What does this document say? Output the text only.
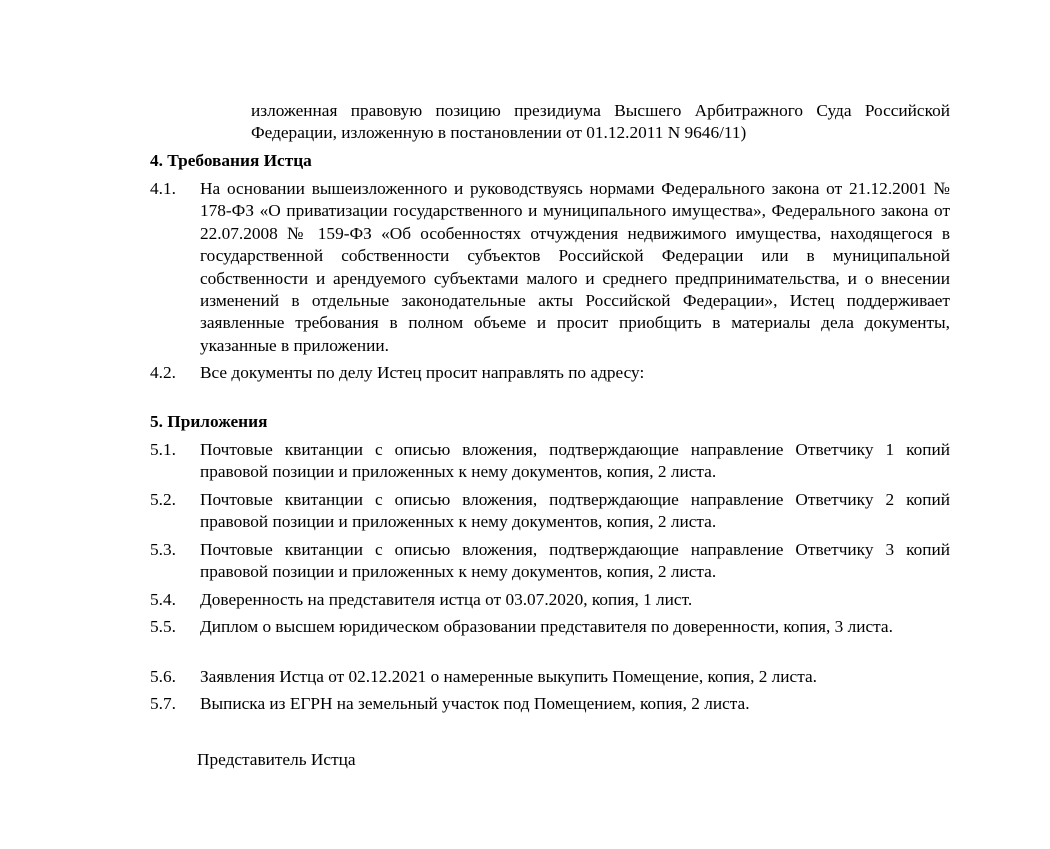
изложенная правовую позицию президиума Высшего Арбитражного Суда Российской Федерации, изложенную в постановлении от 01.12.2011 N 9646/11)
4. Требования Истца
4.1.	На основании вышеизложенного и руководствуясь нормами Федерального закона от 21.12.2001 № 178-ФЗ «О приватизации государственного и муниципального имущества», Федерального закона от 22.07.2008 № 159-ФЗ «Об особенностях отчуждения недвижимого имущества, находящегося в государственной собственности субъектов Российской Федерации или в муниципальной собственности и арендуемого субъектами малого и среднего предпринимательства, и о внесении изменений в отдельные законодательные акты Российской Федерации», Истец поддерживает заявленные требования в полном объеме и просит приобщить в материалы дела документы, указанные в приложении.
4.2.	Все документы по делу Истец просит направлять по адресу:
5. Приложения
5.1.	Почтовые квитанции с описью вложения, подтверждающие направление Ответчику 1 копий правовой позиции и приложенных к нему документов, копия, 2 листа.
5.2.	Почтовые квитанции с описью вложения, подтверждающие направление Ответчику 2 копий правовой позиции и приложенных к нему документов, копия, 2 листа.
5.3.	Почтовые квитанции с описью вложения, подтверждающие направление Ответчику 3 копий правовой позиции и приложенных к нему документов, копия, 2 листа.
5.4.	Доверенность на представителя истца от 03.07.2020, копия, 1 лист.
5.5.	Диплом о высшем юридическом образовании представителя по доверенности, копия, 3 листа.
5.6.	Заявления Истца от 02.12.2021 о намеренные выкупить Помещение, копия, 2 листа.
5.7.	Выписка из ЕГРН на земельный участок под Помещением, копия, 2 листа.
Представитель Истца
